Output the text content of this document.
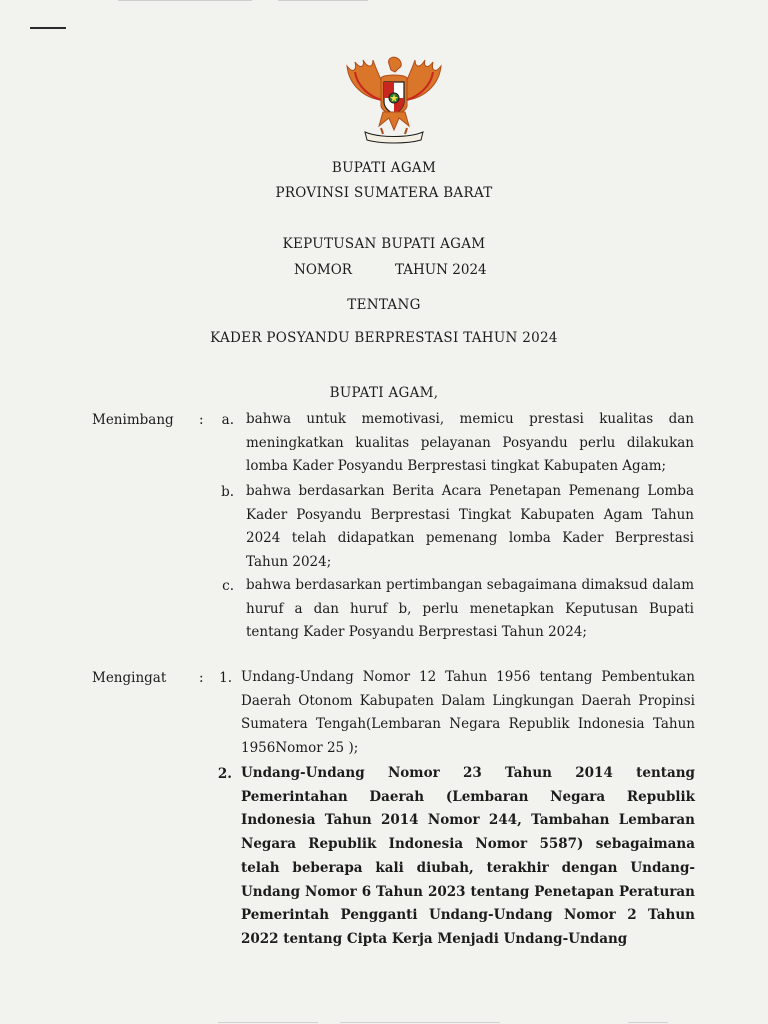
BUPATI AGAM
PROVINSI SUMATERA BARAT
KEPUTUSAN BUPATI AGAM
NOMOR	TAHUN 2024
TENTANG
KADER POSYANDU BERPRESTASI TAHUN 2024
BUPATI AGAM,
Menimbang :	a. bahwa untuk memotivasi, memicu prestasi kualitas dan meningkatkan kualitas pelayanan Posyandu perlu dilakukan lomba Kader Posyandu Berprestasi tingkat Kabupaten Agam;
b. bahwa berdasarkan Berita Acara Penetapan Pemenang Lomba Kader Posyandu Berprestasi Tingkat Kabupaten Agam Tahun 2024 telah didapatkan pemenang lomba Kader Berprestasi Tahun 2024;
c. bahwa berdasarkan pertimbangan sebagaimana dimaksud dalam huruf a dan huruf b, perlu menetapkan Keputusan Bupati tentang Kader Posyandu Berprestasi Tahun 2024;
Mengingat :	1. Undang-Undang Nomor 12 Tahun 1956 tentang Pembentukan Daerah Otonom Kabupaten Dalam Lingkungan Daerah Propinsi Sumatera Tengah(Lembaran Negara Republik Indonesia Tahun 1956Nomor 25 );
2. Undang-Undang Nomor 23 Tahun 2014 tentang Pemerintahan Daerah (Lembaran Negara Republik Indonesia Tahun 2014 Nomor 244, Tambahan Lembaran Negara Republik Indonesia Nomor 5587) sebagaimana telah beberapa kali diubah, terakhir dengan Undang-Undang Nomor 6 Tahun 2023 tentang Penetapan Peraturan Pemerintah Pengganti Undang-Undang Nomor 2 Tahun 2022 tentang Cipta Kerja Menjadi Undang-Undang
